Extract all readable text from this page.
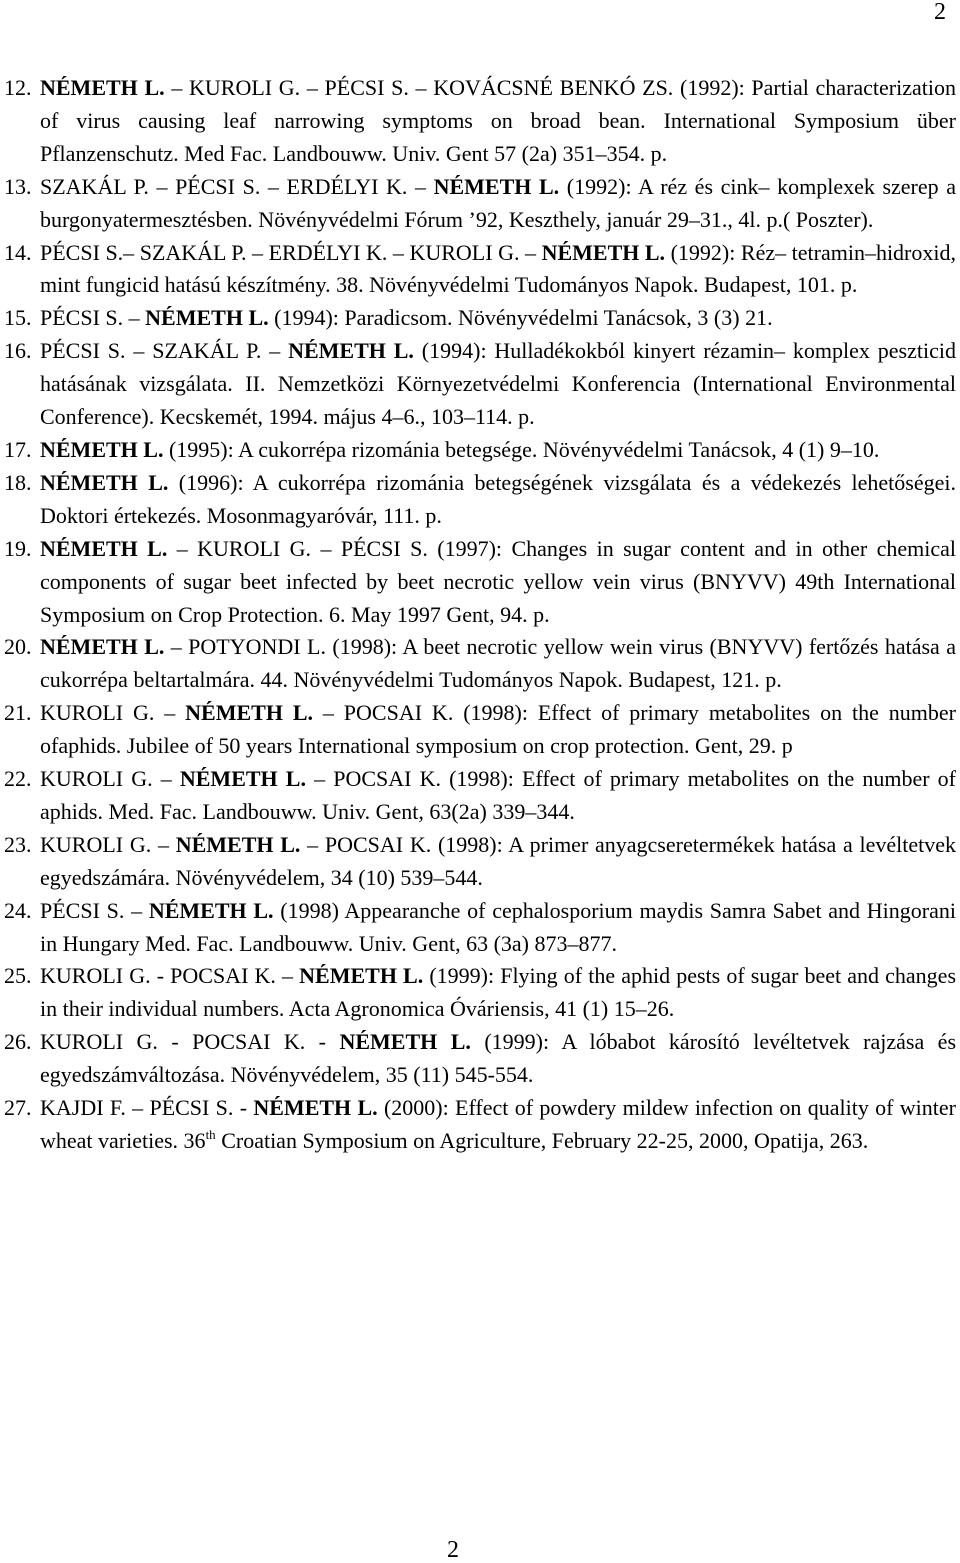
2
12. NÉMETH L. – KUROLI G. – PÉCSI S. – KOVÁCSNÉ BENKÓ ZS. (1992): Partial characterization of virus causing leaf narrowing symptoms on broad bean. International Symposium über Pflanzenschutz. Med Fac. Landbouww. Univ. Gent 57 (2a) 351–354. p.
13. SZAKÁL P. – PÉCSI S. – ERDÉLYI K. – NÉMETH L. (1992): A réz és cink– komplexek szerep a burgonyatermesztésben. Növényvédelmi Fórum ’92, Keszthely, január 29–31., 4l. p.( Poszter).
14. PÉCSI S.– SZAKÁL P. – ERDÉLYI K. – KUROLI G. – NÉMETH L. (1992): Réz– tetramin–hidroxid, mint fungicid hatású készítmény. 38. Növényvédelmi Tudományos Napok. Budapest, 101. p.
15. PÉCSI S. – NÉMETH L. (1994): Paradicsom. Növényvédelmi Tanácsok, 3 (3) 21.
16. PÉCSI S. – SZAKÁL P. – NÉMETH L. (1994): Hulladékokból kinyert rézamin– komplex peszticid hatásának vizsgálata. II. Nemzetközi Környezetvédelmi Konferencia (International Environmental Conference). Kecskemét, 1994. május 4–6., 103–114. p.
17. NÉMETH L. (1995): A cukorrépa rizománia betegsége. Növényvédelmi Tanácsok, 4 (1) 9–10.
18. NÉMETH L. (1996): A cukorrépa rizománia betegségének vizsgálata és a védekezés lehetőségei. Doktori értekezés. Mosonmagyaróvár, 111. p.
19. NÉMETH L. – KUROLI G. – PÉCSI S. (1997): Changes in sugar content and in other chemical components of sugar beet infected by beet necrotic yellow vein virus (BNYVV) 49th International Symposium on Crop Protection. 6. May 1997 Gent, 94. p.
20. NÉMETH L. – POTYONDI L. (1998): A beet necrotic yellow wein virus (BNYVV) fertőzés hatása a cukorrépa beltartalmára. 44. Növényvédelmi Tudományos Napok. Budapest, 121. p.
21. KUROLI G. – NÉMETH L. – POCSAI K. (1998): Effect of primary metabolites on the number ofaphids. Jubilee of 50 years International symposium on crop protection. Gent, 29. p
22. KUROLI G. – NÉMETH L. – POCSAI K. (1998): Effect of primary metabolites on the number of aphids. Med. Fac. Landbouww. Univ. Gent, 63(2a) 339–344.
23. KUROLI G. – NÉMETH L. – POCSAI K. (1998): A primer anyagcseretermékek hatása a levéltetvek egyedszámára. Növényvédelem, 34 (10) 539–544.
24. PÉCSI S. – NÉMETH L. (1998) Appearanche of cephalosporium maydis Samra Sabet and Hingorani in Hungary Med. Fac. Landbouww. Univ. Gent, 63 (3a) 873–877.
25. KUROLI G. - POCSAI K. – NÉMETH L. (1999): Flying of the aphid pests of sugar beet and changes in their individual numbers. Acta Agronomica Óváriensis, 41 (1) 15–26.
26. KUROLI G. - POCSAI K. - NÉMETH L. (1999): A lóbabot károsító levéltetvek rajzása és egyedszámváltozása. Növényvédelem, 35 (11) 545-554.
27. KAJDI F. – PÉCSI S. - NÉMETH L. (2000): Effect of powdery mildew infection on quality of winter wheat varieties. 36th Croatian Symposium on Agriculture, February 22-25, 2000, Opatija, 263.
2
